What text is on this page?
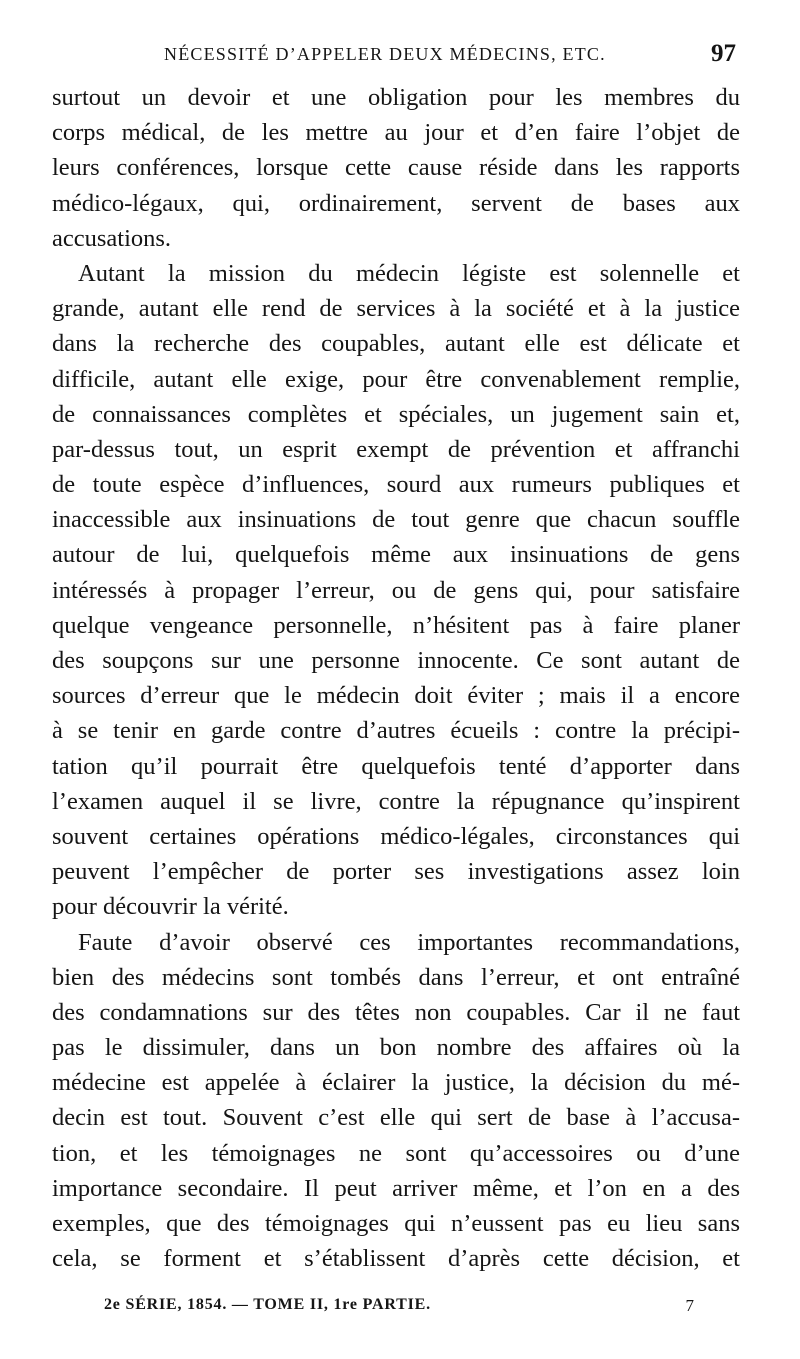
NÉCESSITÉ D’APPELER DEUX MÉDECINS, ETC.	97
surtout un devoir et une obligation pour les membres du
corps médical, de les mettre au jour et d’en faire l’objet de
leurs conférences, lorsque cette cause réside dans les rapports
médico-légaux, qui, ordinairement, servent de bases aux
accusations.
Autant la mission du médecin légiste est solennelle et
grande, autant elle rend de services à la société et à la justice
dans la recherche des coupables, autant elle est délicate et
difficile, autant elle exige, pour être convenablement remplie,
de connaissances complètes et spéciales, un jugement sain et,
par-dessus tout, un esprit exempt de prévention et affranchi
de toute espèce d’influences, sourd aux rumeurs publiques et
inaccessible aux insinuations de tout genre que chacun souffle
autour de lui, quelquefois même aux insinuations de gens
intéressés à propager l’erreur, ou de gens qui, pour satisfaire
quelque vengeance personnelle, n’hésitent pas à faire planer
des soupçons sur une personne innocente. Ce sont autant de
sources d’erreur que le médecin doit éviter ; mais il a encore
à se tenir en garde contre d’autres écueils : contre la précipi-
tation qu’il pourrait être quelquefois tenté d’apporter dans
l’examen auquel il se livre, contre la répugnance qu’inspirent
souvent certaines opérations médico-légales, circonstances qui
peuvent l’empêcher de porter ses investigations assez loin
pour découvrir la vérité.
Faute d’avoir observé ces importantes recommandations,
bien des médecins sont tombés dans l’erreur, et ont entraîné
des condamnations sur des têtes non coupables. Car il ne faut
pas le dissimuler, dans un bon nombre des affaires où la
médecine est appelée à éclairer la justice, la décision du mé-
decin est tout. Souvent c’est elle qui sert de base à l’accusa-
tion, et les témoignages ne sont qu’accessoires ou d’une
importance secondaire. Il peut arriver même, et l’on en a des
exemples, que des témoignages qui n’eussent pas eu lieu sans
cela, se forment et s’établissent d’après cette décision, et
2e SÉRIE, 1854. — TOME II, 1re PARTIE.	7
